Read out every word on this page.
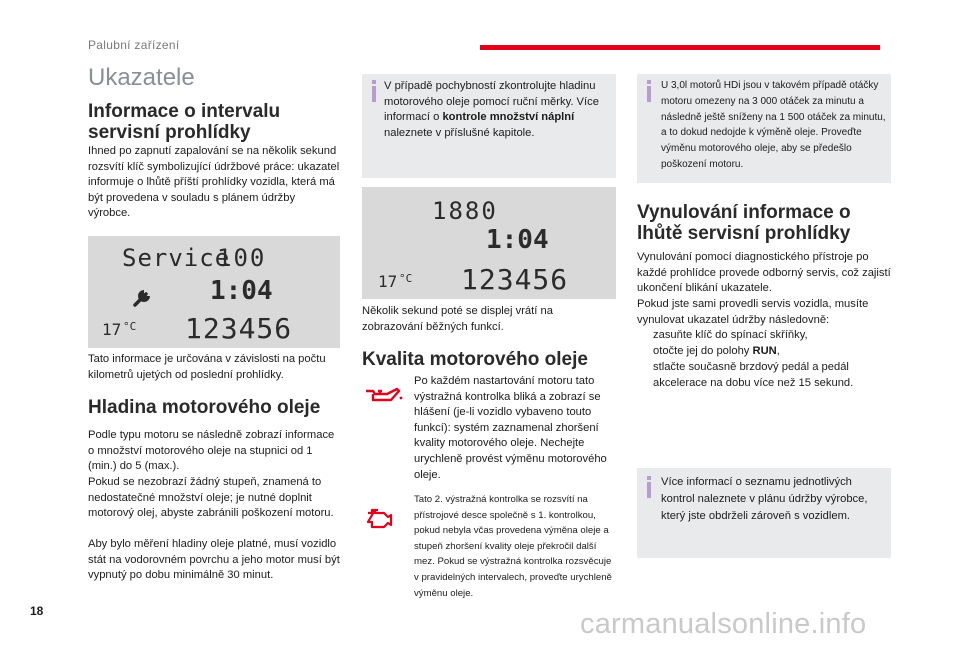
Palubní zařízení
Ukazatele
Informace o intervalu servisní prohlídky

Ihned po zapnutí zapalování se na několik sekund rozsvítí klíč symbolizující údržbové práce: ukazatel informuje o lhůtě příští prohlídky vozidla, která má být provedena v souladu s plánem údržby výrobce.

Service
100
1:04
17 °C 123456

Tato informace je určována v závislosti na počtu kilometrů ujetých od poslední prohlídky.

Hladina motorového oleje

Podle typu motoru se následně zobrazí informace o množství motorového oleje na stupnici od 1 (min.) do 5 (max.).

Pokud se nezobrazí žádný stupeň, znamená to nedostatečné množství oleje; je nutné doplnit motorový olej, abyste zabránili poškození motoru.

Aby bylo měření hladiny oleje platné, musí vozidlo stát na vodorovném povrchu a jeho motor musí být vypnutý po dobu minimálně 30 minut.

V případě pochybností zkontrolujte hladinu motorového oleje pomocí ruční měrky. Více informací o kontrole množství náplní naleznete v příslušné kapitole.

1880
1:04
17 °C 123456

Několik sekund poté se displej vrátí na zobrazování běžných funkcí.

Kvalita motorového oleje

Po každém nastartování motoru tato výstražná kontrolka bliká a zobrazí se hlášení (je-li vozidlo vybaveno touto funkcí): systém zaznamenal zhoršení kvality motorového oleje. Nechejte urychleně provést výměnu motorového oleje.

Tato 2. výstražná kontrolka se rozsvítí na přístrojové desce společně s 1. kontrolkou, pokud nebyla včas provedena výměna oleje a stupeň zhoršení kvality oleje překročil další mez. Pokud se výstražná kontrolka rozsvěcuje v pravidelných intervalech, proveďte urychleně výměnu oleje.

U 3,0l motorů HDi jsou v takovém případě otáčky motoru omezeny na 3 000 otáček za minutu a následně ještě sníženy na 1 500 otáček za minutu, a to dokud nedojde k výměně oleje. Proveďte výměnu motorového oleje, aby se předešlo poškození motoru.

Vynulování informace o lhůtě servisní prohlídky

Vynulování pomocí diagnostického přístroje po každé prohlídce provede odborný servis, což zajistí ukončení blikání ukazatele.

Pokud jste sami provedli servis vozidla, musíte vynulovat ukazatel údržby následovně:

zasuňte klíč do spínací skříňky,

otočte jej do polohy RUN,

stlačte současně brzdový pedál a pedál akcelerace na dobu více než 15 sekund.

Více informací o seznamu jednotlivých kontrol naleznete v plánu údržby výrobce, který jste obdrželi zároveň s vozidlem.

18	carmanualsonline.info
